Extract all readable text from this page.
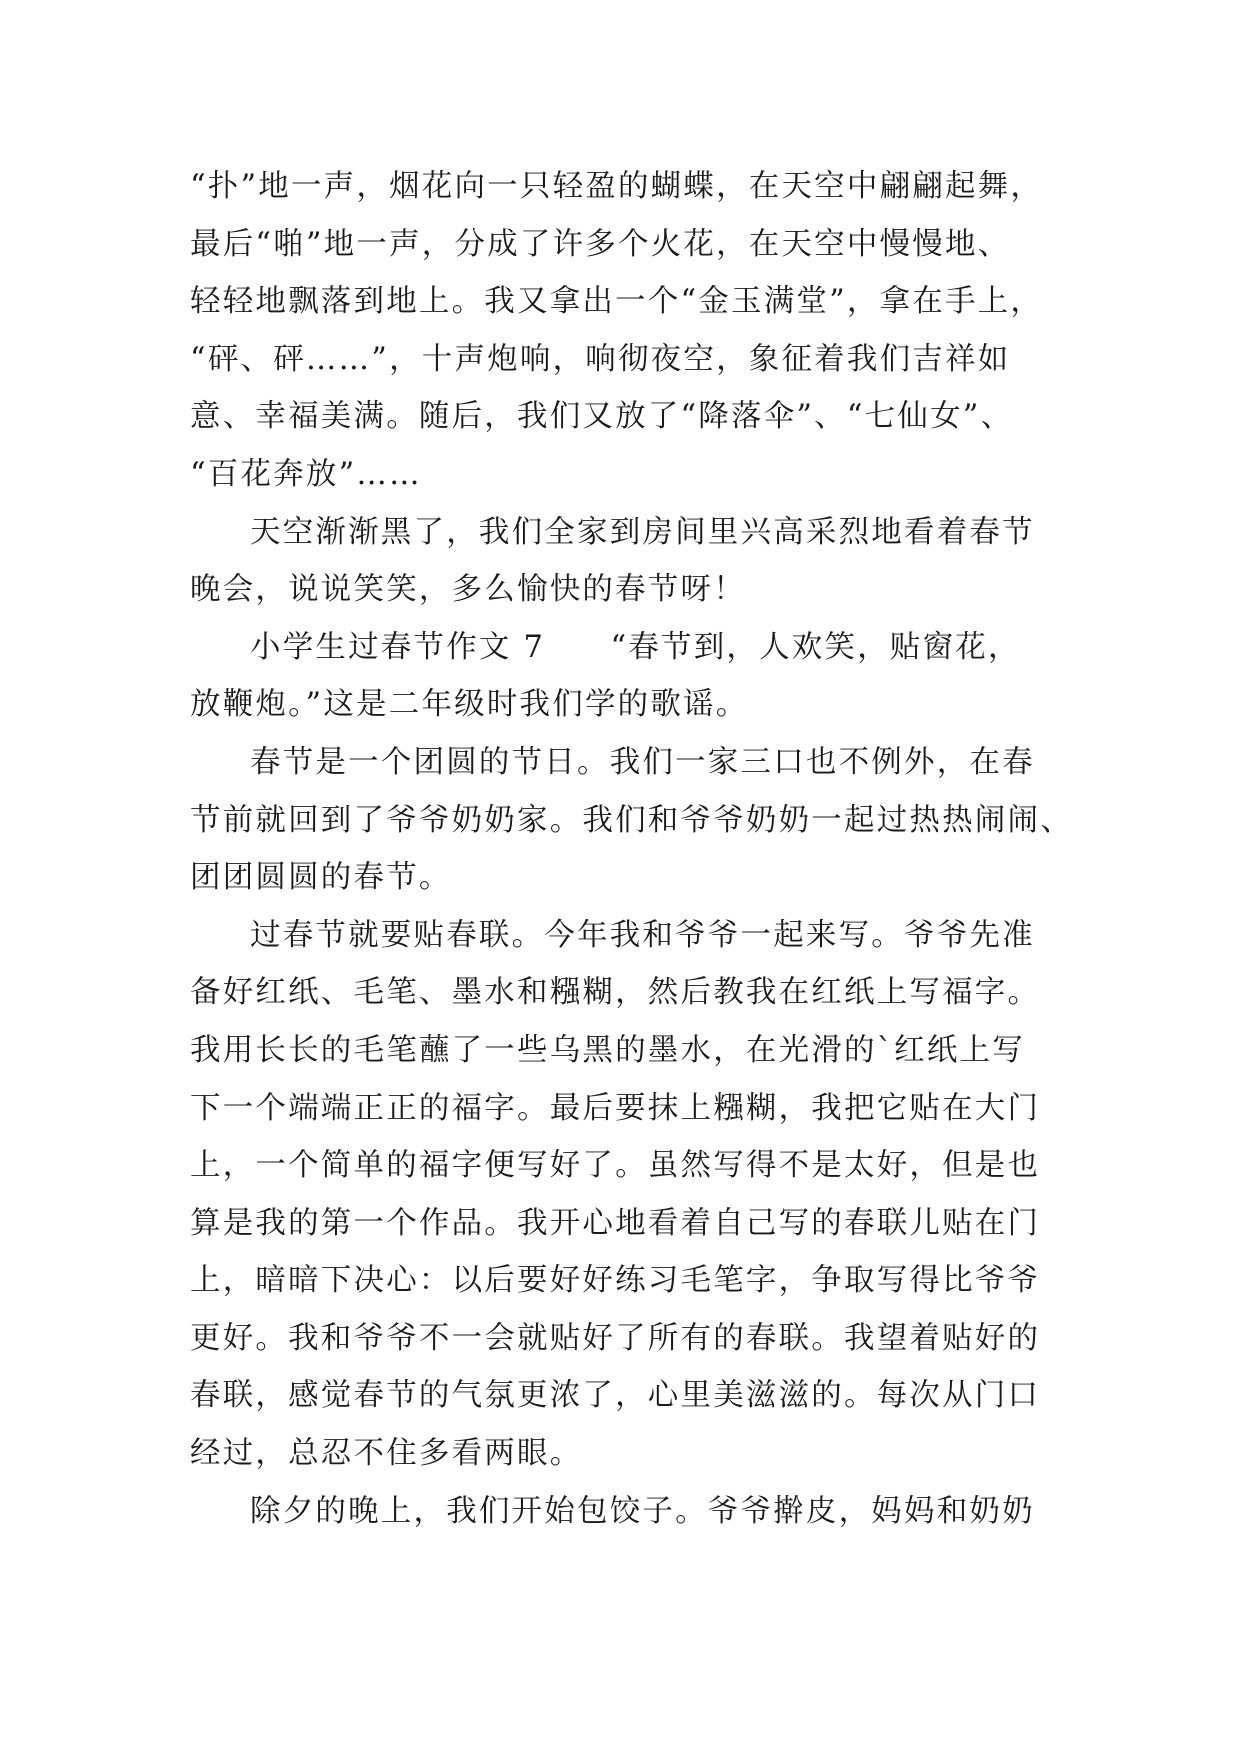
“扑”地一声，烟花向一只轻盈的蝴蝶，在天空中翩翩起舞，
最后“啪”地一声，分成了许多个火花，在天空中慢慢地、
轻轻地飘落到地上。我又拿出一个“金玉满堂”，拿在手上，
“砰、砰……”，十声炮响，响彻夜空，象征着我们吉祥如
意、幸福美满。随后，我们又放了“降落伞”、“七仙女”、
“百花奔放”……
天空渐渐黑了，我们全家到房间里兴高采烈地看着春节
晚会，说说笑笑，多么愉快的春节呀！
小学生过春节作文 7　　“春节到，人欢笑，贴窗花，
放鞭炮。”这是二年级时我们学的歌谣。
春节是一个团圆的节日。我们一家三口也不例外，在春
节前就回到了爷爷奶奶家。我们和爷爷奶奶一起过热热闹闹、
团团圆圆的春节。
过春节就要贴春联。今年我和爷爷一起来写。爷爷先准
备好红纸、毛笔、墨水和糨糊，然后教我在红纸上写福字。
我用长长的毛笔蘸了一些乌黑的墨水，在光滑的`红纸上写
下一个端端正正的福字。最后要抹上糨糊，我把它贴在大门
上，一个简单的福字便写好了。虽然写得不是太好，但是也
算是我的第一个作品。我开心地看着自己写的春联儿贴在门
上，暗暗下决心：以后要好好练习毛笔字，争取写得比爷爷
更好。我和爷爷不一会就贴好了所有的春联。我望着贴好的
春联，感觉春节的气氛更浓了，心里美滋滋的。每次从门口
经过，总忍不住多看两眼。
除夕的晚上，我们开始包饺子。爷爷擀皮，妈妈和奶奶
